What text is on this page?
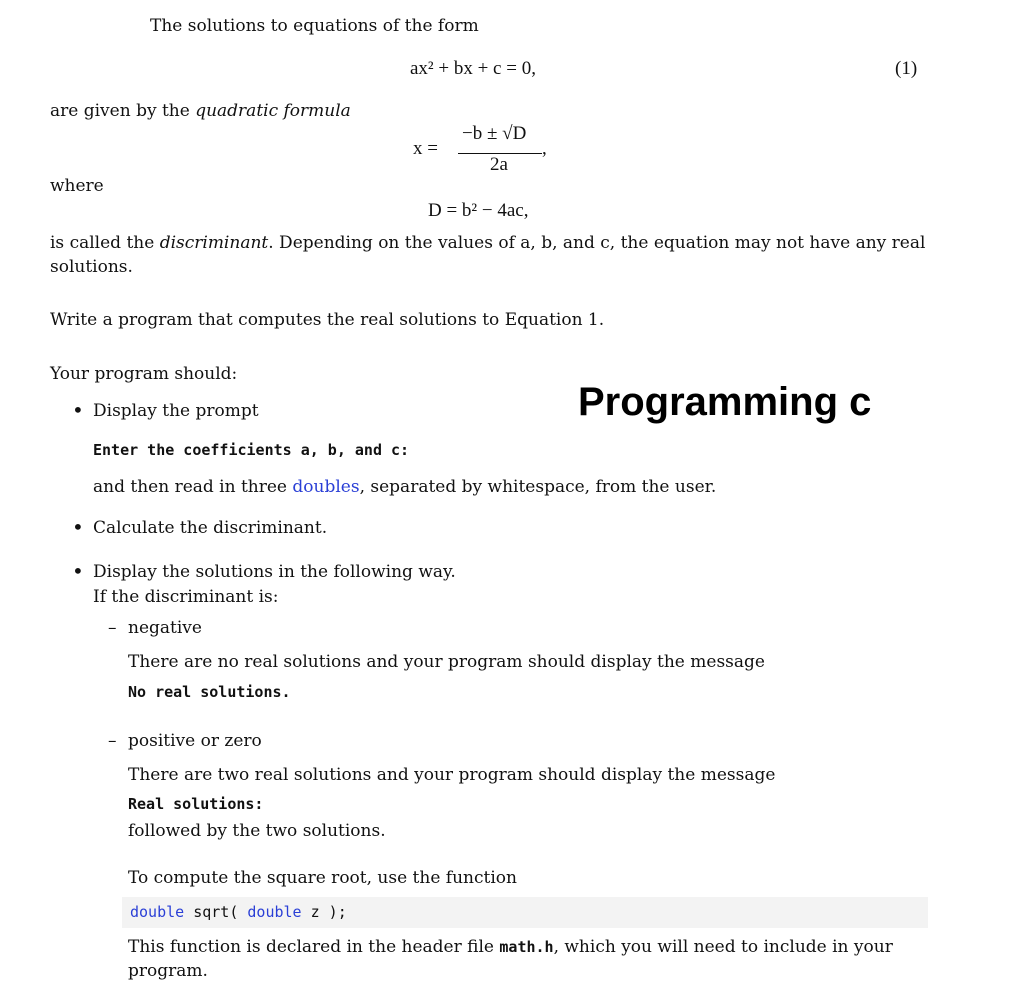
The solutions to equations of the form
ax² + bx + c = 0,	(1)
are given by the quadratic formula
x =
−b ± √D
,
2a
where
D = b² − 4ac,
is called the discriminant. Depending on the values of a, b, and c, the equation may not have any real
solutions.
Write a program that computes the real solutions to Equation 1.
Your program should:
Programming c
• Display the prompt
Enter the coefficients a, b, and c:
and then read in three doubles, separated by whitespace, from the user.
• Calculate the discriminant.
• Display the solutions in the following way.
If the discriminant is:
– negative
There are no real solutions and your program should display the message
No real solutions.
– positive or zero
There are two real solutions and your program should display the message
Real solutions:
followed by the two solutions.
To compute the square root, use the function
double sqrt( double z );
This function is declared in the header file math.h, which you will need to include in your
program.
